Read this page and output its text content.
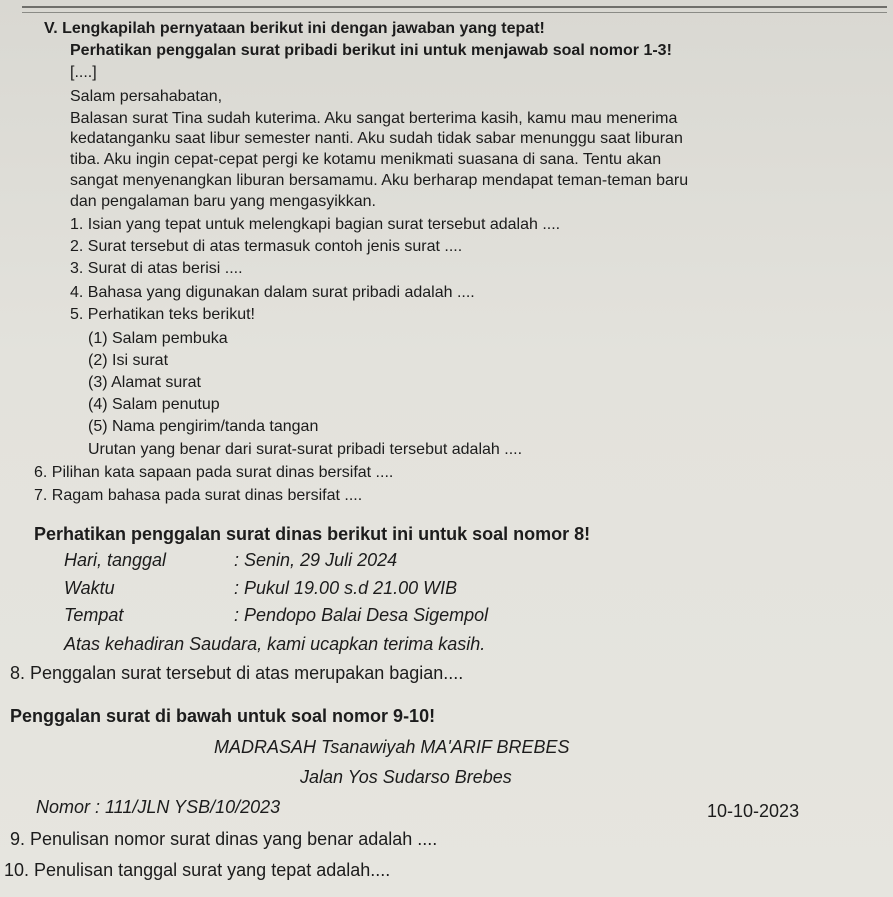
V. Lengkapilah pernyataan berikut ini dengan jawaban yang tepat!
Perhatikan penggalan surat pribadi berikut ini untuk menjawab soal nomor 1-3!
[....]
Salam persahabatan,
Balasan surat Tina sudah kuterima. Aku sangat berterima kasih, kamu mau menerima
kedatanganku saat libur semester nanti. Aku sudah tidak sabar menunggu saat liburan
tiba. Aku ingin cepat-cepat pergi ke kotamu menikmati suasana di sana. Tentu akan
sangat menyenangkan liburan bersamamu. Aku berharap mendapat teman-teman baru
dan pengalaman baru yang mengasyikkan.
1. Isian yang tepat untuk melengkapi bagian surat tersebut adalah ....
2. Surat tersebut di atas termasuk contoh jenis surat ....
3. Surat di atas berisi ....
4. Bahasa yang digunakan dalam surat pribadi adalah ....
5. Perhatikan teks berikut!
(1) Salam pembuka
(2) Isi surat
(3) Alamat surat
(4) Salam penutup
(5) Nama pengirim/tanda tangan
Urutan yang benar dari surat-surat pribadi tersebut adalah ....
6. Pilihan kata sapaan pada surat dinas bersifat ....
7. Ragam bahasa pada surat dinas bersifat ....
Perhatikan penggalan surat dinas berikut ini untuk soal nomor 8!
Hari, tanggal	: Senin, 29 Juli 2024
Waktu	: Pukul 19.00 s.d 21.00 WIB
Tempat	: Pendopo Balai Desa Sigempol
Atas kehadiran Saudara, kami ucapkan terima kasih.
8. Penggalan surat tersebut di atas merupakan bagian....
Penggalan surat di bawah untuk soal nomor 9-10!
MADRASAH Tsanawiyah MA'ARIF BREBES
Jalan Yos Sudarso Brebes
Nomor : 111/JLN YSB/10/2023	10-10-2023
9. Penulisan nomor surat dinas yang benar adalah ....
10. Penulisan tanggal surat yang tepat adalah....
